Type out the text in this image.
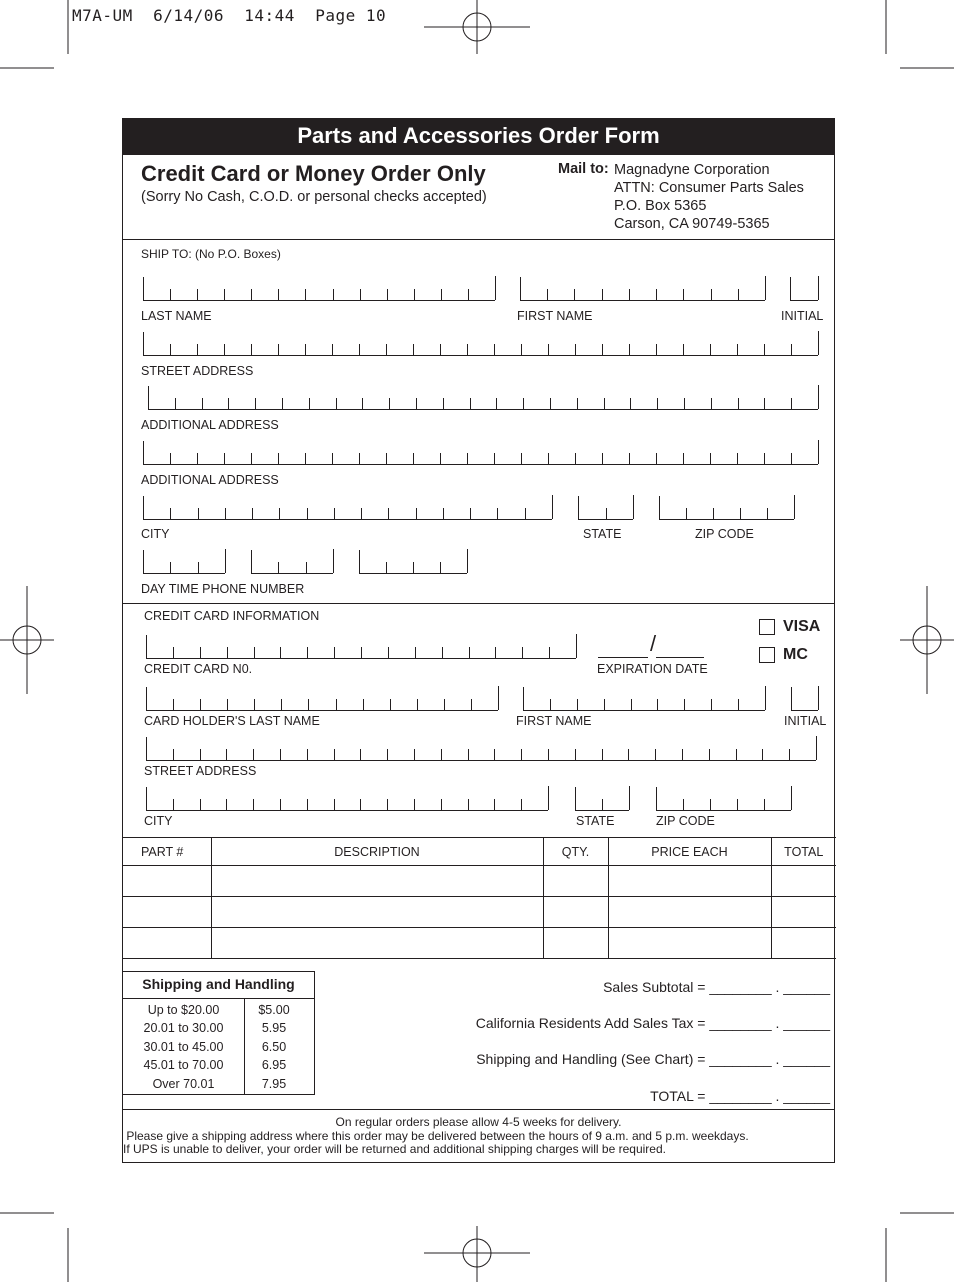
M7A-UM  6/14/06  14:44  Page 10
Parts and Accessories Order Form
Credit Card or Money Order Only
(Sorry No Cash, C.O.D. or personal checks accepted)
Mail to: Magnadyne Corporation
ATTN: Consumer Parts Sales
P.O. Box 5365
Carson, CA 90749-5365
SHIP TO: (No P.O. Boxes)
LAST NAME	FIRST NAME	INITIAL
STREET ADDRESS
ADDITIONAL ADDRESS
ADDITIONAL ADDRESS
CITY	STATE	ZIP CODE
DAY TIME PHONE NUMBER
CREDIT CARD INFORMATION
/
CREDIT CARD N0.	EXPIRATION DATE
VISA
MC
CARD HOLDER'S LAST NAME	FIRST NAME	INITIAL
STREET ADDRESS
CITY	STATE	ZIP CODE
PART #	DESCRIPTION	QTY.	PRICE EACH	TOTAL

Shipping and Handling
Up to $20.00	$5.00
20.01 to 30.00	5.95
30.01 to 45.00	6.50
45.01 to 70.00	6.95
Over 70.01	7.95
Sales Subtotal = ________ . ______
California Residents Add Sales Tax = ________ . ______
Shipping and Handling (See Chart) = ________ . ______
TOTAL = ________ . ______
On regular orders please allow 4-5 weeks for delivery.
Please give a shipping address where this order may be delivered between the hours of 9 a.m. and 5 p.m. weekdays.
If UPS is unable to deliver, your order will be returned and additional shipping charges will be required.
